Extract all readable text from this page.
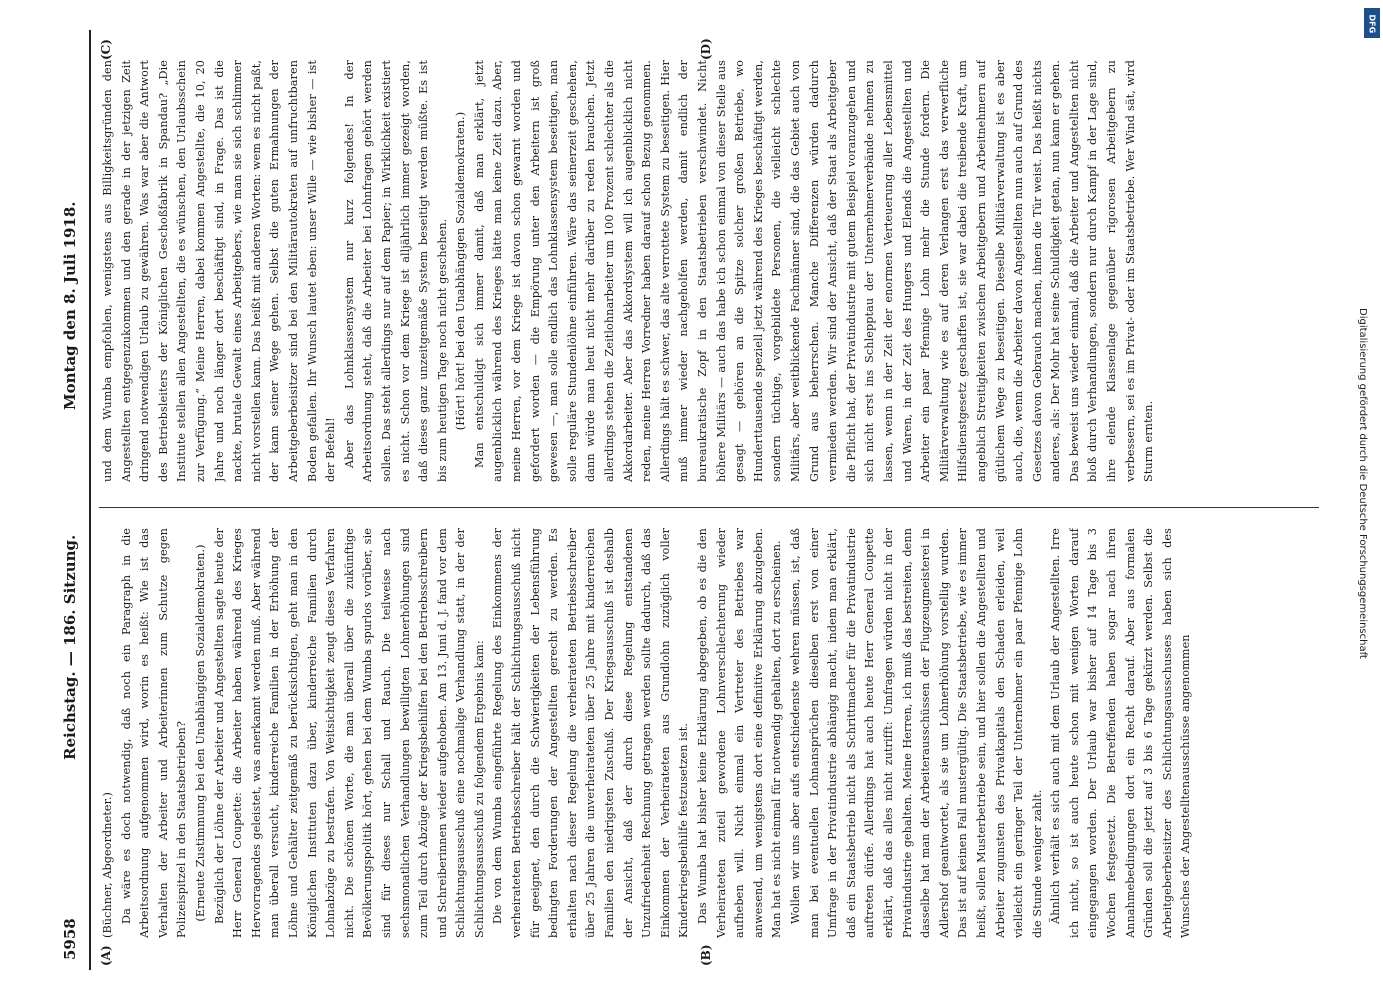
5958
Reichstag. — 186. Sitzung.
Montag den 8. Juli 1918.
(A)	(B)
(C)	(D)

(Büchner, Abgeordneter.) Da wäre es doch notwendig, daß noch ein Paragraph in die Arbeitsordnung aufgenommen wird, worin es heißt: Wie ist das Verhalten der Arbeiter und Arbeiterinnen zum Schutze gegen Polizeispitzel in den Staatsbetrieben? (Erneute Zustimmung bei den Unabhängigen Sozialdemokraten.) Bezüglich der Löhne der Arbeiter und Angestellten sagte heute der Herr General Coupette: die Arbeiter haben während des Krieges Hervorragendes geleistet, was anerkannt werden muß. Aber während man überall versucht, kinderreiche Familien in der Erhöhung der Löhne und Gehälter zeitgemäß zu berücksichtigen, geht man in den Königlichen Instituten dazu über, kinderreiche Familien durch Lohnabzüge zu bestrafen. Von Weitsichtigkeit zeugt dieses Verfahren nicht. Die schönen Worte, die man überall über die zukünftige Bevölkerungspolitik hört, gehen bei dem Wumba spurlos vorüber, sie sind für dieses nur Schall und Rauch. Die teilweise nach sechsmonatlichen Verhandlungen bewilligten Lohnerhöhungen sind zum Teil durch Abzüge der Kriegsbeihilfen bei den Betriebsschreibern und Schreiberinnen wieder aufgehoben. Am 13. Juni d. J. fand vor dem Schlichtungsausschuß eine nochmalige Verhandlung statt, in der der Schlichtungsausschuß zu folgendem Ergebnis kam: Die von dem Wumba eingeführte Regelung des Einkommens der verheirateten Betriebsschreiber hält der Schlichtungsausschuß nicht für geeignet, den durch die Schwierigkeiten der Lebensführung bedingten Forderungen der Angestellten gerecht zu werden. Es erhalten nach dieser Regelung die verheirateten Betriebsschreiber über 25 Jahren die unverheirateten über 25 Jahre mit kinderreichen Familien den niedrigsten Zuschuß. Der Kriegsausschuß ist deshalb der Ansicht, daß der durch diese Regelung entstandenen Unzufriedenheit Rechnung getragen werden sollte dadurch, daß das Einkommen der Verheirateten aus Grundlohn zuzüglich voller Kinderkriegsbeihilfe festzusetzen ist. Das Wumba hat bisher keine Erklärung abgegeben, ob es die den Verheirateten zuteil gewordene Lohnverschlechterung wieder aufheben will. Nicht einmal ein Vertreter des Betriebes war anwesend, um wenigstens dort eine definitive Erklärung abzugeben. Man hat es nicht einmal für notwendig gehalten, dort zu erscheinen. Wollen wir uns aber aufs entschiedenste wehren müssen, ist, daß man bei eventuellen Lohnansprüchen dieselben erst von einer Umfrage in der Privatindustrie abhängig macht, indem man erklärt, daß ein Staatsbetrieb nicht als Schrittmacher für die Privatindustrie auftreten dürfe. Allerdings hat auch heute Herr General Coupette erklärt, daß das alles nicht zutrifft: Umfragen würden nicht in der Privatindustrie gehalten. Meine Herren, ich muß das bestreiten, denn dasselbe hat man der Arbeiterausschüssen der Flugzeugmeisterei in Adlershof geantwortet, als sie um Lohnerhöhung vorstellig wurden. Das ist auf keinen Fall mustergültig. Die Staatsbetriebe, wie es immer heißt, sollen Musterbetriebe sein, und hier sollen die Angestellten und Arbeiter zugunsten des Privatkapitals den Schaden erleiden, weil vielleicht ein geringer Teil der Unternehmer ein paar Pfennige Lohn die Stunde weniger zahlt. Ähnlich verhält es sich auch mit dem Urlaub der Angestellten. Irre ich nicht, so ist auch heute schon mit wenigen Worten darauf eingegangen worden. Der Urlaub war bisher auf 14 Tage bis 3 Wochen festgesetzt. Die Betreffenden haben sogar nach ihren Annahmebedingungen dort ein Recht darauf. Aber aus formalen Gründen soll die jetzt auf 3 bis 6 Tage gekürzt werden. Selbst die Arbeitgeberbeisitzer des Schlichtungsausschusses haben sich des Wunsches der Angestelltenausschüsse angenommen

und dem Wumba empfohlen, wenigstens aus Billigkeitsgründen den Angestellten entgegenzukommen und den gerade in der jetzigen Zeit dringend notwendigen Urlaub zu gewähren. Was war aber die Antwort des Betriebsleiters der Königlichen Geschoßfabrik in Spandau? „Die Institute stellen allen Angestellten, die es wünschen, den Urlaubsschein zur Verfügung.“ Meine Herren, dabei kommen Angestellte, die 10, 20 Jahre und noch länger dort beschäftigt sind, in Frage. Das ist die nackte, brutale Gewalt eines Arbeitgebers, wie man sie sich schlimmer nicht vorstellen kann. Das heißt mit anderen Worten: wem es nicht paßt, der kann seiner Wege gehen. Selbst die guten Ermahnungen der Arbeitgeberbeisitzer sind bei den Militärautokraten auf unfruchtbaren Boden gefallen. Ihr Wunsch lautet eben: unser Wille — wie bisher — ist der Befehl! Aber das Lohnklassensystem nur kurz folgendes! In der Arbeitsordnung steht, daß die Arbeiter bei Lohnfragen gehört werden sollen. Das steht allerdings nur auf dem Papier; in Wirklichkeit existiert es nicht. Schon vor dem Kriege ist alljährlich immer gezeigt worden, daß dieses ganz unzeitgemäße System beseitigt werden müßte. Es ist bis zum heutigen Tage noch nicht geschehen. (Hört! hört! bei den Unabhängigen Sozialdemokraten.) Man entschuldigt sich immer damit, daß man erklärt, jetzt augenblicklich während des Krieges hätte man keine Zeit dazu. Aber, meine Herren, vor dem Kriege ist davon schon gewarnt worden und gefordert worden — die Empörung unter den Arbeitern ist groß gewesen —, man solle endlich das Lohnklassensystem beseitigen, man solle reguläre Stundenlöhne einführen. Wäre das seinerzeit geschehen, dann würde man heut nicht mehr darüber zu reden brauchen. Jetzt allerdings stehen die Zeitlohnarbeiter um 100 Prozent schlechter als die Akkordarbeiter. Aber das Akkordsystem will ich augenblicklich nicht reden, meine Herren Vorredner haben darauf schon Bezug genommen. Allerdings hält es schwer, das alte verrottete System zu beseitigen. Hier muß immer wieder nachgeholfen werden, damit endlich der bureaukratische Zopf in den Staatsbetrieben verschwindet. Nicht höhere Militärs — auch das habe ich schon einmal von dieser Stelle aus gesagt — gehören an die Spitze solcher großen Betriebe, wo Hunderttausende speziell jetzt während des Krieges beschäftigt werden, sondern tüchtige, vorgebildete Personen, die vielleicht schlechte Militärs, aber weitblickende Fachmänner sind, die das Gebiet auch von Grund aus beherrschen. Manche Differenzen würden dadurch vermieden werden. Wir sind der Ansicht, daß der Staat als Arbeitgeber die Pflicht hat, der Privatindustrie mit gutem Beispiel voranzugehen und sich nicht erst ins Schlepptau der Unternehmerverbände nehmen zu lassen, wenn in der Zeit der enormen Verteuerung aller Lebensmittel und Waren, in der Zeit des Hungers und Elends die Angestellten und Arbeiter ein paar Pfennige Lohn mehr die Stunde fordern. Die Militärverwaltung wie es auf deren Verlangen erst das verwerfliche Hilfsdienstgesetz geschaffen ist, sie war dabei die treibende Kraft, um angeblich Streitigkeiten zwischen Arbeitgebern und Arbeitnehmern auf gütlichem Wege zu beseitigen. Dieselbe Militärverwaltung ist es aber auch, die, wenn die Arbeiter davon Angestellten nun auch auf Grund des Gesetzes davon Gebrauch machen, ihnen die Tür weist. Das heißt nichts anderes, als: Der Mohr hat seine Schuldigkeit getan, nun kann er gehen. Das beweist uns wieder einmal, daß die Arbeiter und Angestellten nicht bloß durch Verhandlungen, sondern nur durch Kampf in der Lage sind, ihre elende Klassenlage gegenüber rigorosen Arbeitgebern zu verbessern, sei es im Privat- oder im Staatsbetriebe. Wer Wind sät, wird Sturm ernten.	Digitalisierung gefördert durch die Deutsche Forschungsgemeinschaft
DFG
